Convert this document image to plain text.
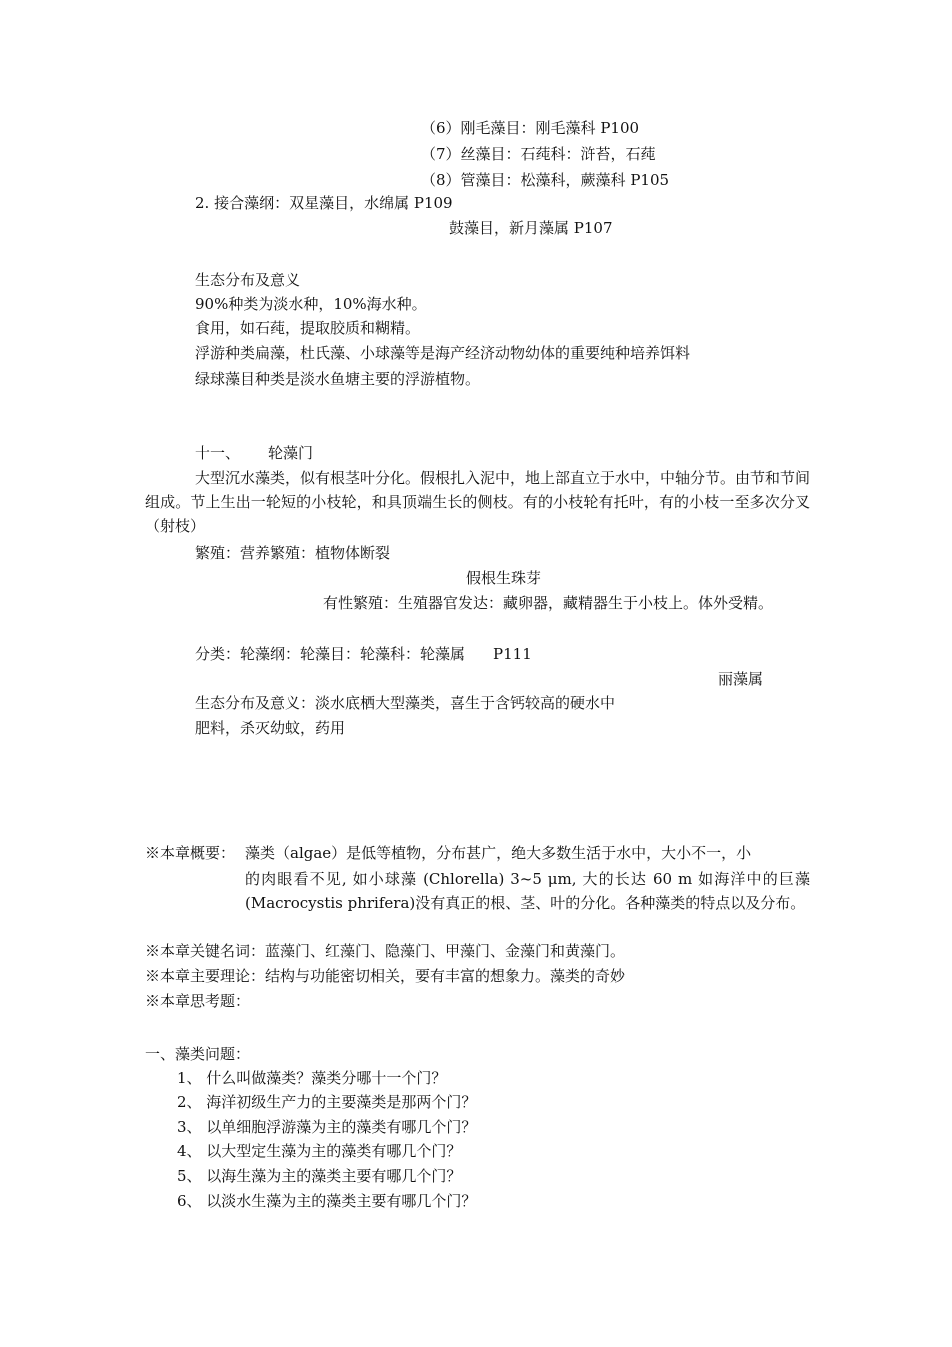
（6）刚毛藻目：刚毛藻科 P100
（7）丝藻目：石莼科：浒苔，石莼
（8）管藻目：松藻科，蕨藻科 P105
2. 接合藻纲：双星藻目，水绵属 P109
鼓藻目，新月藻属 P107
生态分布及意义
90%种类为淡水种，10%海水种。
食用，如石莼，提取胶质和糊精。
浮游种类扁藻，杜氏藻、小球藻等是海产经济动物幼体的重要纯种培养饵料
绿球藻目种类是淡水鱼塘主要的浮游植物。
十一、 轮藻门
大型沉水藻类，似有根茎叶分化。假根扎入泥中，地上部直立于水中，中轴分节。由节和节间组成。节上生出一轮短的小枝轮，和具顶端生长的侧枝。有的小枝轮有托叶，有的小枝一至多次分叉（射枝）
繁殖：营养繁殖：植物体断裂
假根生珠芽
有性繁殖：生殖器官发达：藏卵器，藏精器生于小枝上。体外受精。
分类：轮藻纲：轮藻目：轮藻科：轮藻属 P111
丽藻属
生态分布及意义：淡水底栖大型藻类，喜生于含钙较高的硬水中
肥料，杀灭幼蚊，药用
※本章概要： 藻类（algae）是低等植物，分布甚广，绝大多数生活于水中，大小不一，小
的肉眼看不见, 如小球藻 (Chlorella) 3~5 μm, 大的长达 60 m 如海洋中的巨藻(Macrocystis phrifera)没有真正的根、茎、叶的分化。各种藻类的特点以及分布。
※本章关键名词：蓝藻门、红藻门、隐藻门、甲藻门、金藻门和黄藻门。
※本章主要理论：结构与功能密切相关，要有丰富的想象力。藻类的奇妙
※本章思考题：
一、藻类问题：
1、 什么叫做藻类？藻类分哪十一个门？
2、 海洋初级生产力的主要藻类是那两个门？
3、 以单细胞浮游藻为主的藻类有哪几个门？
4、 以大型定生藻为主的藻类有哪几个门？
5、 以海生藻为主的藻类主要有哪几个门？
6、 以淡水生藻为主的藻类主要有哪几个门？
